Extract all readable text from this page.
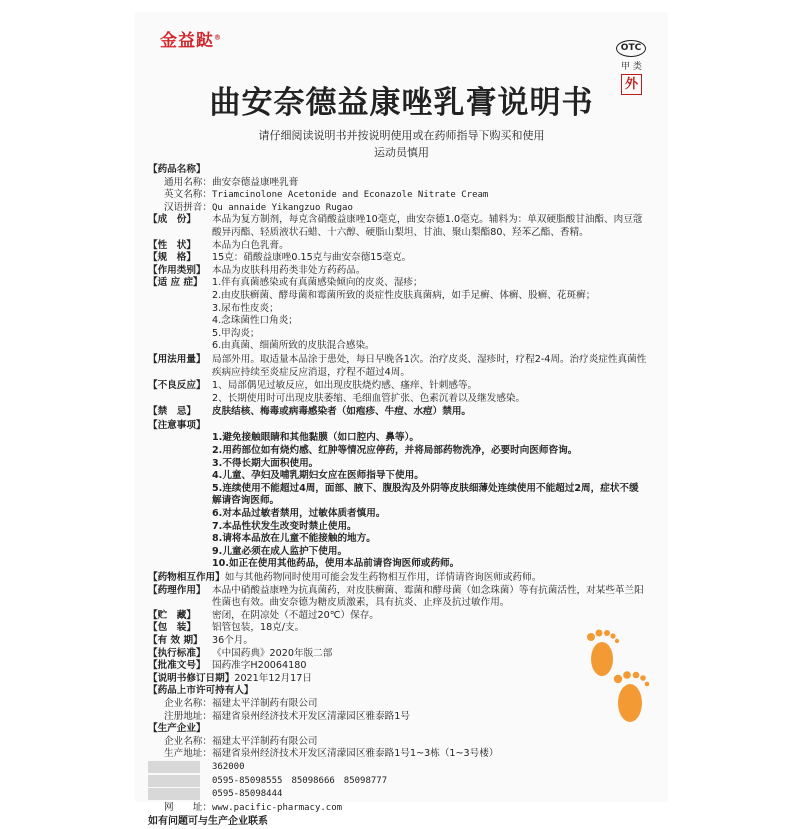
金益跶®
OTC
甲 类
外
曲安奈德益康唑乳膏说明书
请仔细阅读说明书并按说明使用或在药师指导下购买和使用
运动员慎用
【药品名称】
通用名称： 曲安奈德益康唑乳膏
英文名称： Triamcinolone Acetonide and Econazole Nitrate Cream
汉语拼音： Qu annaide Yikangzuo Rugao
【成　份】	本品为复方制剂，每克含硝酸益康唑10毫克，曲安奈德1.0毫克。辅料为：单双硬脂酸甘油酯、肉豆蔻酸异丙酯、轻质液状石蜡、十六醇、硬脂山梨坦、甘油、聚山梨酯80、羟苯乙酯、香精。
【性　状】	本品为白色乳膏。
【规　格】	15克：硝酸益康唑0.15克与曲安奈德15毫克。
【作用类别】 本品为皮肤科用药类非处方药药品。
【适 应 症】 1.伴有真菌感染或有真菌感染倾向的皮炎、湿疹；
2.由皮肤癣菌、酵母菌和霉菌所致的炎症性皮肤真菌病，如手足癣、体癣、股癣、花斑癣；
3.尿布性皮炎；
4.念珠菌性口角炎；
5.甲沟炎；
6.由真菌、细菌所致的皮肤混合感染。
【用法用量】 局部外用。取适量本品涂于患处，每日早晚各1次。治疗皮炎、湿疹时，疗程2-4周。治疗炎症性真菌性疾病应持续至炎症反应消退，疗程不超过4周。
【不良反应】 1、局部偶见过敏反应，如出现皮肤烧灼感、瘙痒、针刺感等。
2、长期使用时可出现皮肤萎缩、毛细血管扩张、色素沉着以及继发感染。
【禁　忌】	皮肤结核、梅毒或病毒感染者（如疱疹、牛痘、水痘）禁用。
【注意事项】
1.避免接触眼睛和其他黏膜（如口腔内、鼻等）。
2.用药部位如有烧灼感、红肿等情况应停药，并将局部药物洗净，必要时向医师咨询。
3.不得长期大面积使用。
4.儿童、孕妇及哺乳期妇女应在医师指导下使用。
5.连续使用不能超过4周，面部、腋下、腹股沟及外阴等皮肤细薄处连续使用不能超过2周，症状不缓解请咨询医师。
6.对本品过敏者禁用，过敏体质者慎用。
7.本品性状发生改变时禁止使用。
8.请将本品放在儿童不能接触的地方。
9.儿童必须在成人监护下使用。
10.如正在使用其他药品，使用本品前请咨询医师或药师。
【药物相互作用】 如与其他药物同时使用可能会发生药物相互作用，详情请咨询医师或药师。
【药理作用】 本品中硝酸益康唑为抗真菌药，对皮肤癣菌、霉菌和酵母菌（如念珠菌）等有抗菌活性，对某些革兰阳性菌也有效。曲安奈德为糖皮质激素，具有抗炎、止痒及抗过敏作用。
【贮　藏】	密闭，在阴凉处（不超过20℃）保存。
【包　装】	铝管包装，18克/支。
【有 效 期】 36个月。
【执行标准】 《中国药典》2020年版二部
【批准文号】 国药准字H20064180
【说明书修订日期】 2021年12月17日
【药品上市许可持有人】
企业名称： 福建太平洋制药有限公司
注册地址： 福建省泉州经济技术开发区清濛园区雅泰路1号
【生产企业】
企业名称： 福建太平洋制药有限公司
生产地址： 福建省泉州经济技术开发区清濛园区雅泰路1号1~3栋（1~3号楼）
362000
0595-85098555　85098666　85098777
0595-85098444
网　　址： www.pacific-pharmacy.com
如有问题可与生产企业联系
